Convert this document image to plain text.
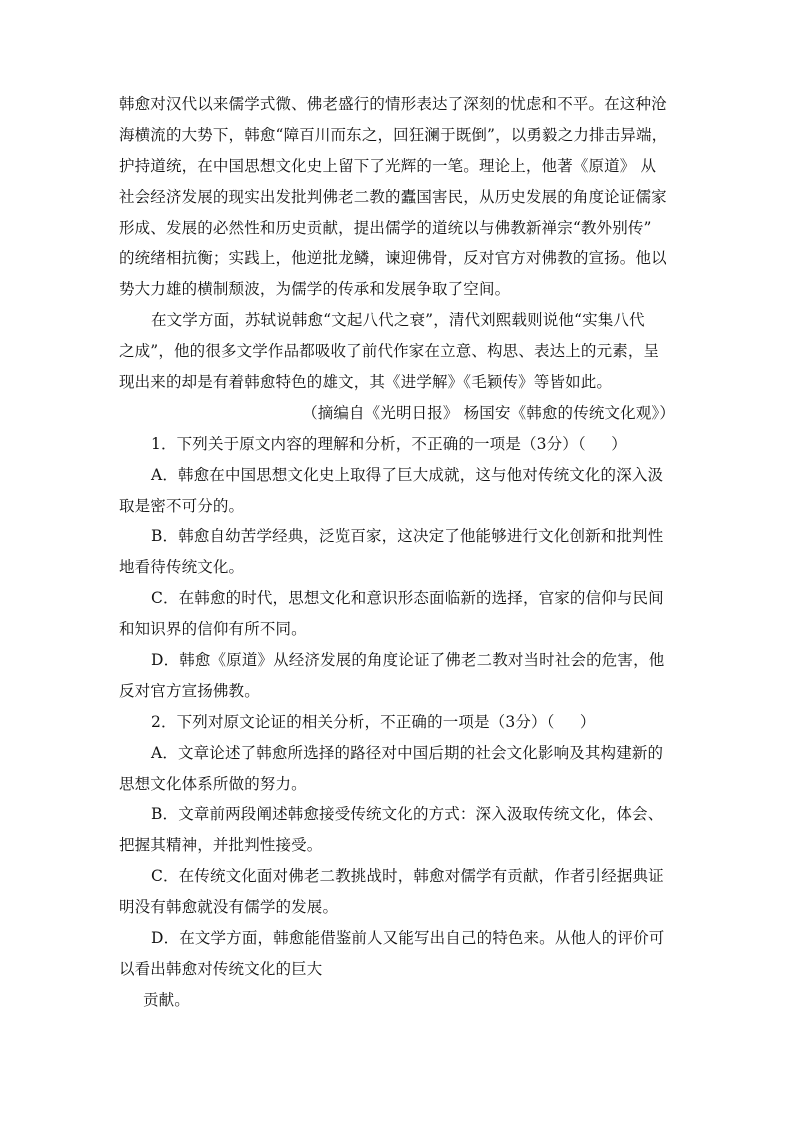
韩愈对汉代以来儒学式微、佛老盛行的情形表达了深刻的忧虑和不平。在这种沧
海横流的大势下，韩愈“障百川而东之，回狂澜于既倒”，以勇毅之力排击异端，
护持道统，在中国思想文化史上留下了光辉的一笔。理论上，他著《原道》 从
社会经济发展的现实出发批判佛老二教的蠹国害民，从历史发展的角度论证儒家
形成、发展的必然性和历史贡献，提出儒学的道统以与佛教新禅宗“教外别传”
的统绪相抗衡；实践上，他逆批龙鳞，谏迎佛骨，反对官方对佛教的宣扬。他以
势大力雄的横制颓波，为儒学的传承和发展争取了空间。
在文学方面，苏轼说韩愈“文起八代之衰”，清代刘熙载则说他“实集八代
之成”，他的很多文学作品都吸收了前代作家在立意、构思、表达上的元素，呈
现出来的却是有着韩愈特色的雄文，其《进学解》《毛颖传》等皆如此。
（摘编自《光明日报》 杨国安《韩愈的传统文化观》）
1．下列关于原文内容的理解和分析，不正确的一项是（3分）（     ）
A．韩愈在中国思想文化史上取得了巨大成就，这与他对传统文化的深入汲
取是密不可分的。
B．韩愈自幼苦学经典，泛览百家，这决定了他能够进行文化创新和批判性
地看待传统文化。
C．在韩愈的时代，思想文化和意识形态面临新的选择，官家的信仰与民间
和知识界的信仰有所不同。
D．韩愈《原道》从经济发展的角度论证了佛老二教对当时社会的危害，他
反对官方宣扬佛教。
2．下列对原文论证的相关分析，不正确的一项是（3分）（     ）
A．文章论述了韩愈所选择的路径对中国后期的社会文化影响及其构建新的
思想文化体系所做的努力。
B．文章前两段阐述韩愈接受传统文化的方式：深入汲取传统文化，体会、
把握其精神，并批判性接受。
C．在传统文化面对佛老二教挑战时，韩愈对儒学有贡献，作者引经据典证
明没有韩愈就没有儒学的发展。
D．在文学方面，韩愈能借鉴前人又能写出自己的特色来。从他人的评价可
以看出韩愈对传统文化的巨大
贡献。
